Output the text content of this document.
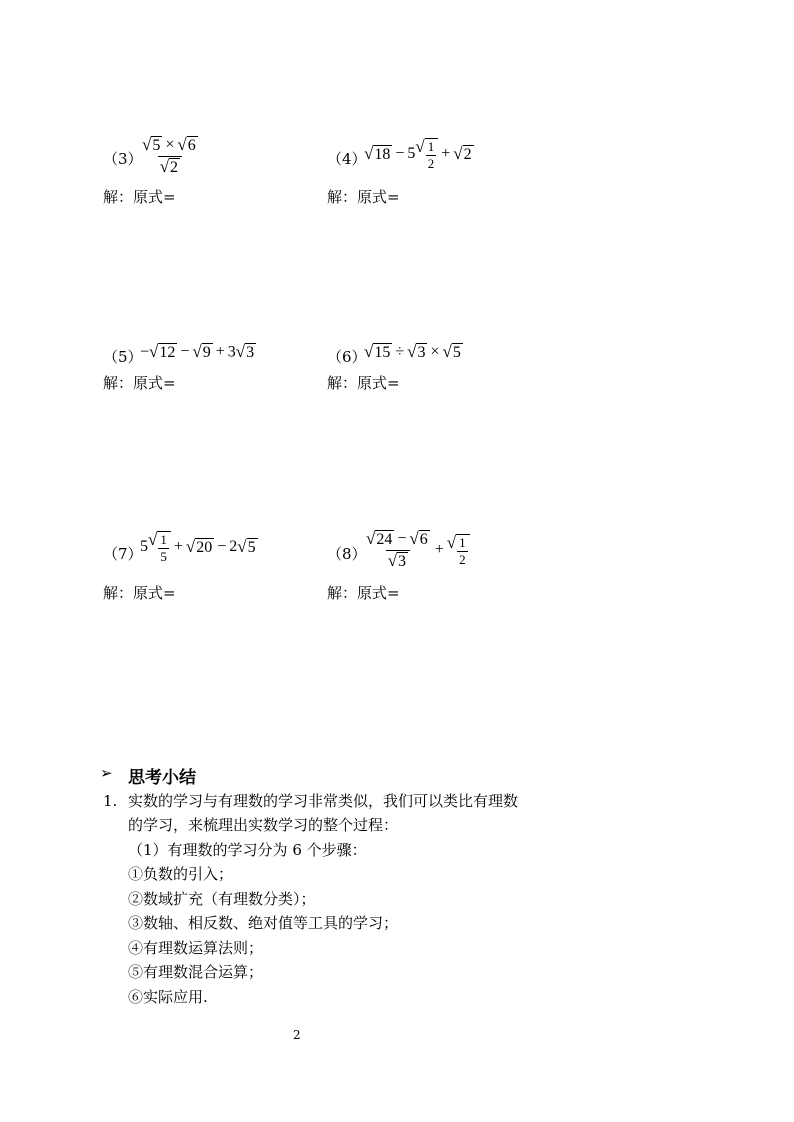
（3）
$\frac{√ 5 \times √ 6}{√ 2}$
解：原式=
（4）
√ 18 − 5 √ $\frac{1}{2}$ + √ 2
解：原式=
（5）
− √ 12 − √ 9 + 3 √ 3
解：原式=
（6）
√ 15 ÷ √ 3 × √ 5
解：原式=
（7）
5 √ $\frac{1}{5}$ + √ 20 − 2 √ 5
解：原式=
（8）
$\frac{√ 24 - √ 6}{√ 3}$ + √ $\frac{1}{2}$
解：原式=
➢ 思考小结
1. 实数的学习与有理数的学习非常类似，我们可以类比有理数
的学习，来梳理出实数学习的整个过程：
（1）有理数的学习分为 6 个步骤：
①负数的引入；
②数域扩充（有理数分类）；
③数轴、相反数、绝对值等工具的学习；
④有理数运算法则；
⑤有理数混合运算；
⑥实际应用.
2
